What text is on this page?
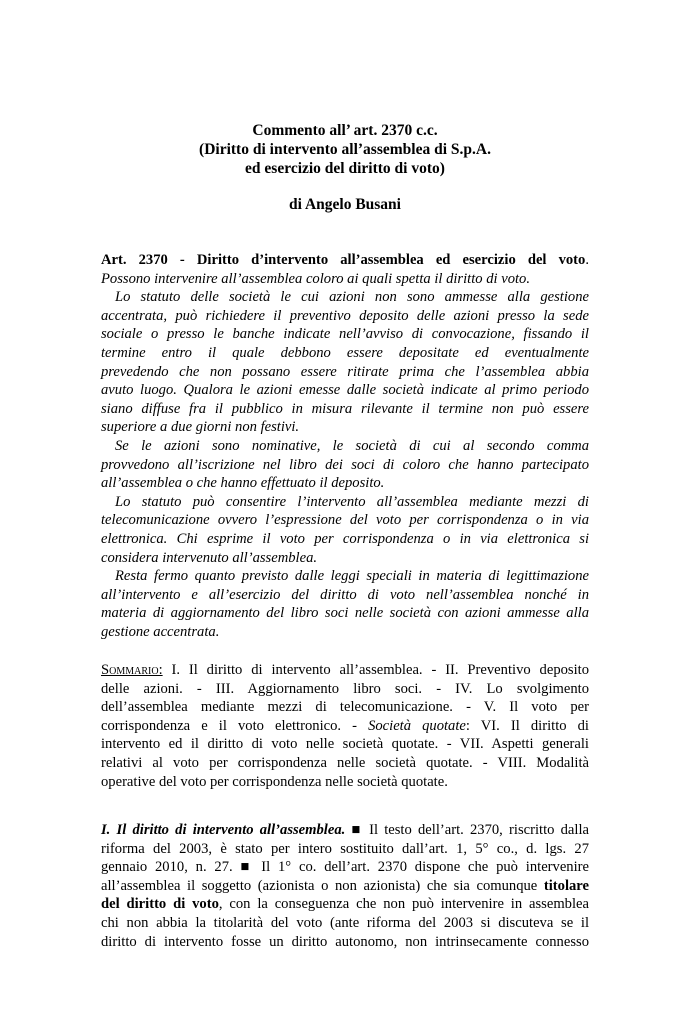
Commento all’ art. 2370 c.c.
(Diritto di intervento all’assemblea di S.p.A.
ed esercizio del diritto di voto)
di Angelo Busani
Art. 2370 - Diritto d’intervento all’assemblea ed esercizio del voto.
Possono intervenire all’assemblea coloro ai quali spetta il diritto di voto.
Lo statuto delle società le cui azioni non sono ammesse alla gestione
accentrata, può richiedere il preventivo deposito delle azioni presso la sede
sociale o presso le banche indicate nell’avviso di convocazione, fissando il
termine entro il quale debbono essere depositate ed eventualmente
prevedendo che non possano essere ritirate prima che l’assemblea abbia
avuto luogo. Qualora le azioni emesse dalle società indicate al primo periodo
siano diffuse fra il pubblico in misura rilevante il termine non può essere
superiore a due giorni non festivi.
Se le azioni sono nominative, le società di cui al secondo comma
provvedono all’iscrizione nel libro dei soci di coloro che hanno partecipato
all’assemblea o che hanno effettuato il deposito.
Lo statuto può consentire l’intervento all’assemblea mediante mezzi di
telecomunicazione ovvero l’espressione del voto per corrispondenza o in via
elettronica. Chi esprime il voto per corrispondenza o in via elettronica si
considera intervenuto all’assemblea.
Resta fermo quanto previsto dalle leggi speciali in materia di legittimazione
all’intervento e all’esercizio del diritto di voto nell’assemblea nonché in
materia di aggiornamento del libro soci nelle società con azioni ammesse alla
gestione accentrata.
Sommario: I. Il diritto di intervento all’assemblea. - II. Preventivo deposito
delle azioni. - III. Aggiornamento libro soci. - IV. Lo svolgimento
dell’assemblea mediante mezzi di telecomunicazione. - V. Il voto per
corrispondenza e il voto elettronico. - Società quotate: VI. Il diritto di
intervento ed il diritto di voto nelle società quotate. - VII. Aspetti generali
relativi al voto per corrispondenza nelle società quotate. - VIII. Modalità
operative del voto per corrispondenza nelle società quotate.
I. Il diritto di intervento all’assemblea. ■ Il testo dell’art. 2370, riscritto dalla
riforma del 2003, è stato per intero sostituito dall’art. 1, 5° co., d. lgs. 27
gennaio 2010, n. 27. ■ Il 1° co. dell’art. 2370 dispone che può intervenire
all’assemblea il soggetto (azionista o non azionista) che sia comunque titolare
del diritto di voto, con la conseguenza che non può intervenire in assemblea
chi non abbia la titolarità del voto (ante riforma del 2003 si discuteva se il
diritto di intervento fosse un diritto autonomo, non intrinsecamente connesso
